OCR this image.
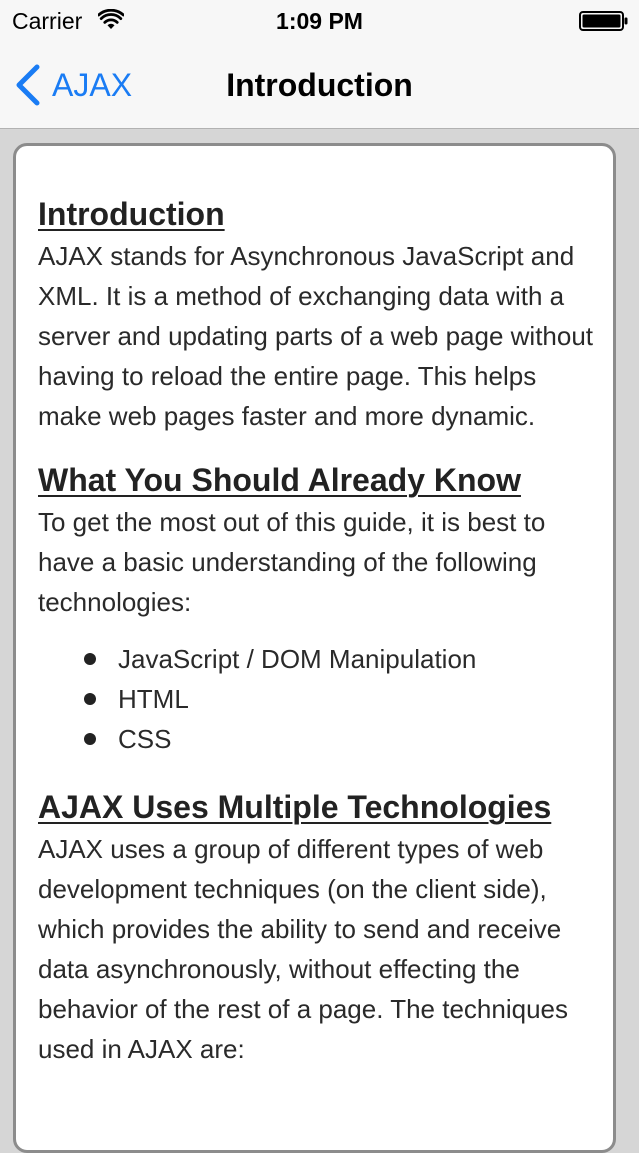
Carrier	1:09 PM
AJAX	Introduction
Introduction

AJAX stands for Asynchronous JavaScript and XML. It is a method of exchanging data with a server and updating parts of a web page without having to reload the entire page. This helps make web pages faster and more dynamic.

What You Should Already Know

To get the most out of this guide, it is best to have a basic understanding of the following technologies:

JavaScript / DOM Manipulation
HTML
CSS
AJAX Uses Multiple Technologies

AJAX uses a group of different types of web development techniques (on the client side), which provides the ability to send and receive data asynchronously, without effecting the behavior of the rest of a page. The techniques used in AJAX are:
